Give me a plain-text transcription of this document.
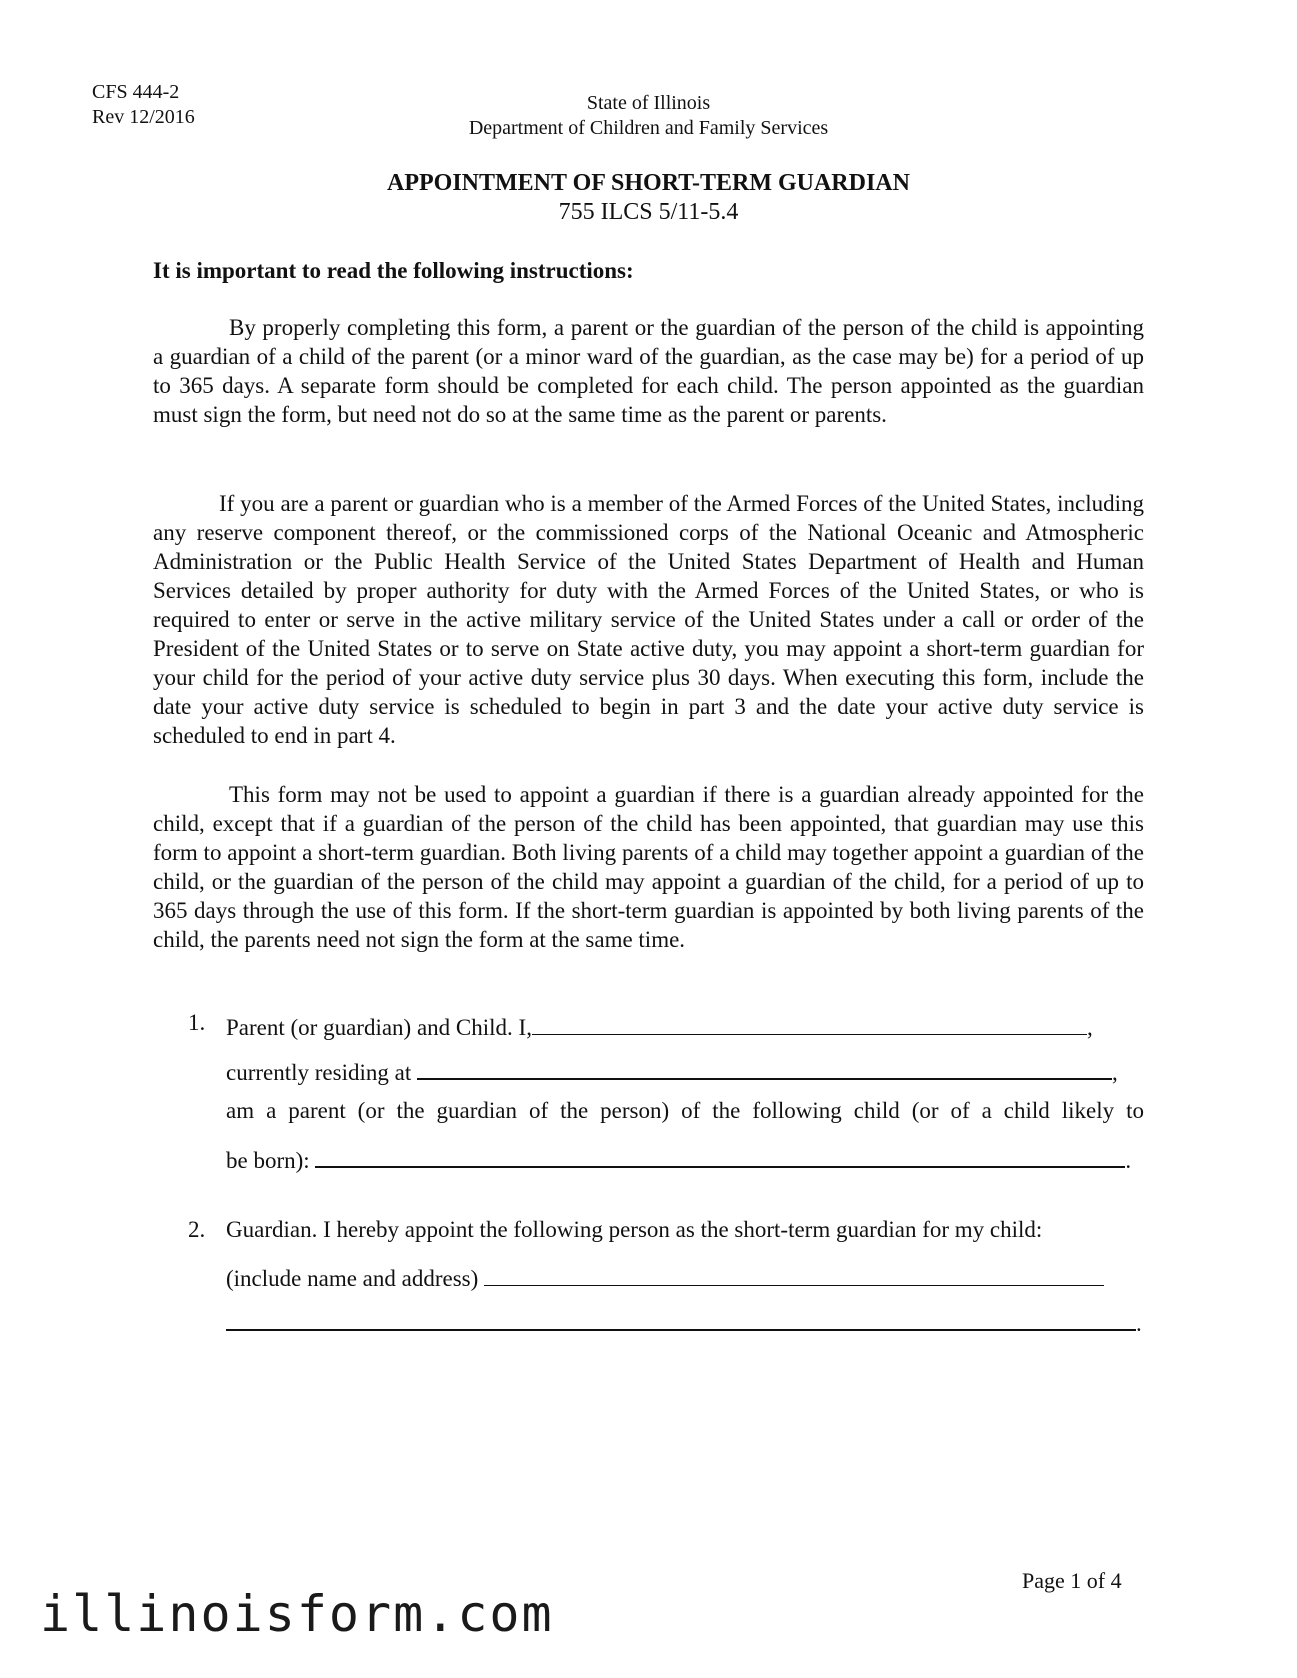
CFS 444-2
Rev 12/2016
State of Illinois
Department of Children and Family Services
APPOINTMENT OF SHORT-TERM GUARDIAN
755 ILCS 5/11-5.4
It is important to read the following instructions:

By properly completing this form, a parent or the guardian of the person of the child is appointing a guardian of a child of the parent (or a minor ward of the guardian, as the case may be) for a period of up to 365 days. A separate form should be completed for each child. The person appointed as the guardian must sign the form, but need not do so at the same time as the parent or parents.

If you are a parent or guardian who is a member of the Armed Forces of the United States, including any reserve component thereof, or the commissioned corps of the National Oceanic and Atmospheric Administration or the Public Health Service of the United States Department of Health and Human Services detailed by proper authority for duty with the Armed Forces of the United States, or who is required to enter or serve in the active military service of the United States under a call or order of the President of the United States or to serve on State active duty, you may appoint a short-term guardian for your child for the period of your active duty service plus 30 days. When executing this form, include the date your active duty service is scheduled to begin in part 3 and the date your active duty service is scheduled to end in part 4.

This form may not be used to appoint a guardian if there is a guardian already appointed for the child, except that if a guardian of the person of the child has been appointed, that guardian may use this form to appoint a short-term guardian. Both living parents of a child may together appoint a guardian of the child, or the guardian of the person of the child may appoint a guardian of the child, for a period of up to 365 days through the use of this form. If the short-term guardian is appointed by both living parents of the child, the parents need not sign the form at the same time.

1. Parent (or guardian) and Child. I,	,
currently residing at	,
am a parent (or the guardian of the person) of the following child (or of a child likely to
be born):	.
2. Guardian. I hereby appoint the following person as the short-term guardian for my child:
(include name and address)
.
Page 1 of 4
illinoisform.com
